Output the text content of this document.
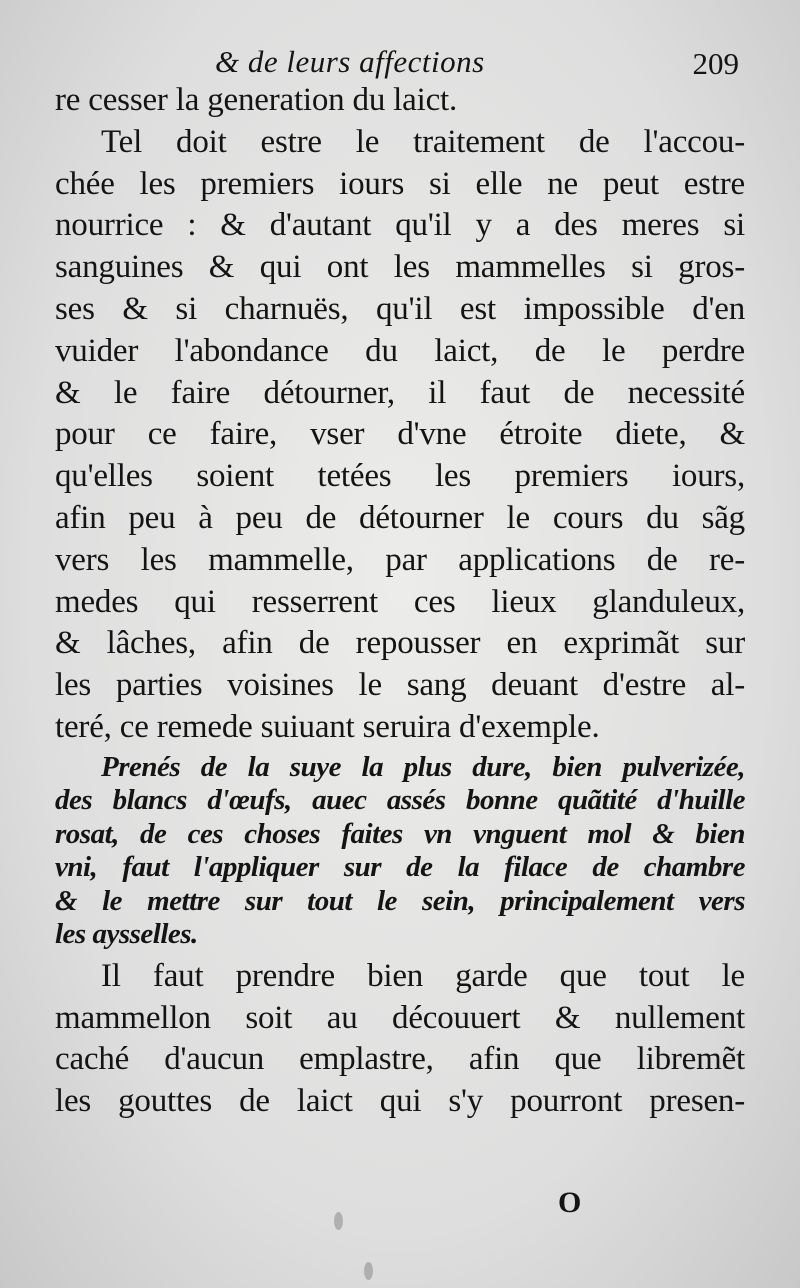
& de leurs affections	209
re cesser la generation du laict.
Tel doit estre le traitement de l'accou-
chée les premiers iours si elle ne peut estre
nourrice : & d'autant qu'il y a des meres si
sanguines & qui ont les mammelles si gros-
ses & si charnuës, qu'il est impossible d'en
vuider l'abondance du laict, de le perdre
& le faire détourner, il faut de necessité
pour ce faire, vser d'vne étroite diete, &
qu'elles soient tetées les premiers iours,
afin peu à peu de détourner le cours du sãg
vers les mammelle, par applications de re-
medes qui resserrent ces lieux glanduleux,
& lâches, afin de repousser en exprimãt sur
les parties voisines le sang deuant d'estre al-
teré, ce remede suiuant seruira d'exemple.
Prenés de la suye la plus dure, bien pulverizée,
des blancs d'œufs, auec assés bonne quãtité d'huille
rosat, de ces choses faites vn vnguent mol & bien
vni, faut l'appliquer sur de la filace de chambre
& le mettre sur tout le sein, principalement vers
les aysselles.
Il faut prendre bien garde que tout le
mammellon soit au découuert & nullement
caché d'aucun emplastre, afin que libremẽt
les gouttes de laict qui s'y pourront presen-
O
